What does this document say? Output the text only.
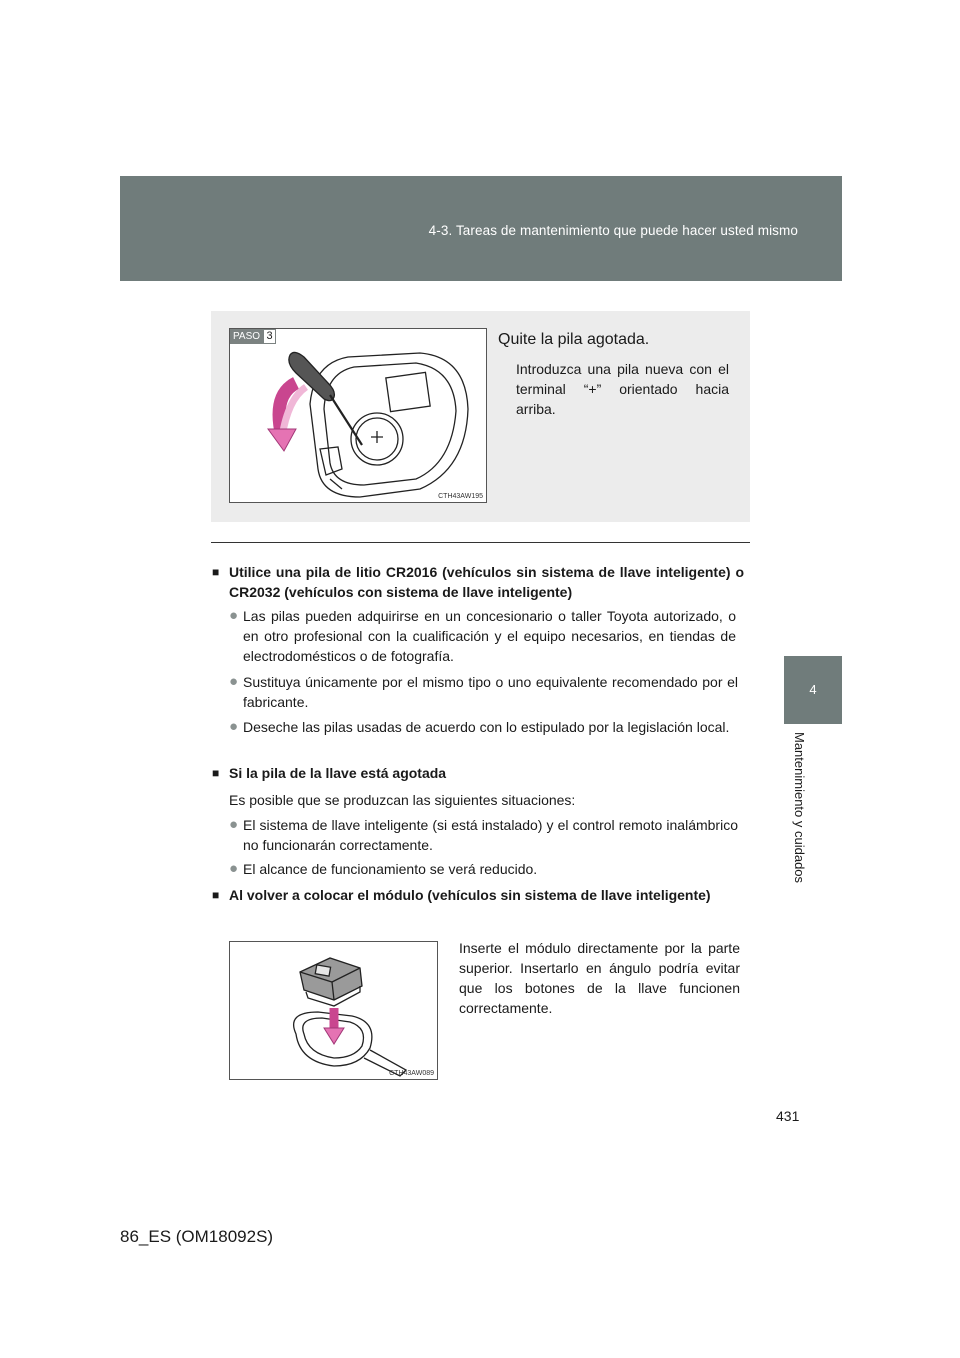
4-3. Tareas de mantenimiento que puede hacer usted mismo
4
Mantenimiento y cuidados
PASO 3
CTH43AW195
Quite la pila agotada.
Introduzca una pila nueva con el terminal “+” orientado hacia arriba.
■ Utilice una pila de litio CR2016 (vehículos sin sistema de llave inteligente) o CR2032 (vehículos con sistema de llave inteligente)
● Las pilas pueden adquirirse en un concesionario o taller Toyota autorizado, o en otro profesional con la cualificación y el equipo necesarios, en tiendas de electrodomésticos o de fotografía.
● Sustituya únicamente por el mismo tipo o uno equivalente recomendado por el fabricante.
● Deseche las pilas usadas de acuerdo con lo estipulado por la legislación local.
■ Si la pila de la llave está agotada
Es posible que se produzcan las siguientes situaciones:
● El sistema de llave inteligente (si está instalado) y el control remoto inalámbrico no funcionarán correctamente.
● El alcance de funcionamiento se verá reducido.
■ Al volver a colocar el módulo (vehículos sin sistema de llave inteligente)
CTH43AW089
Inserte el módulo directamente por la parte superior. Insertarlo en ángulo podría evitar que los botones de la llave funcionen correctamente.
431
86_ES (OM18092S)
